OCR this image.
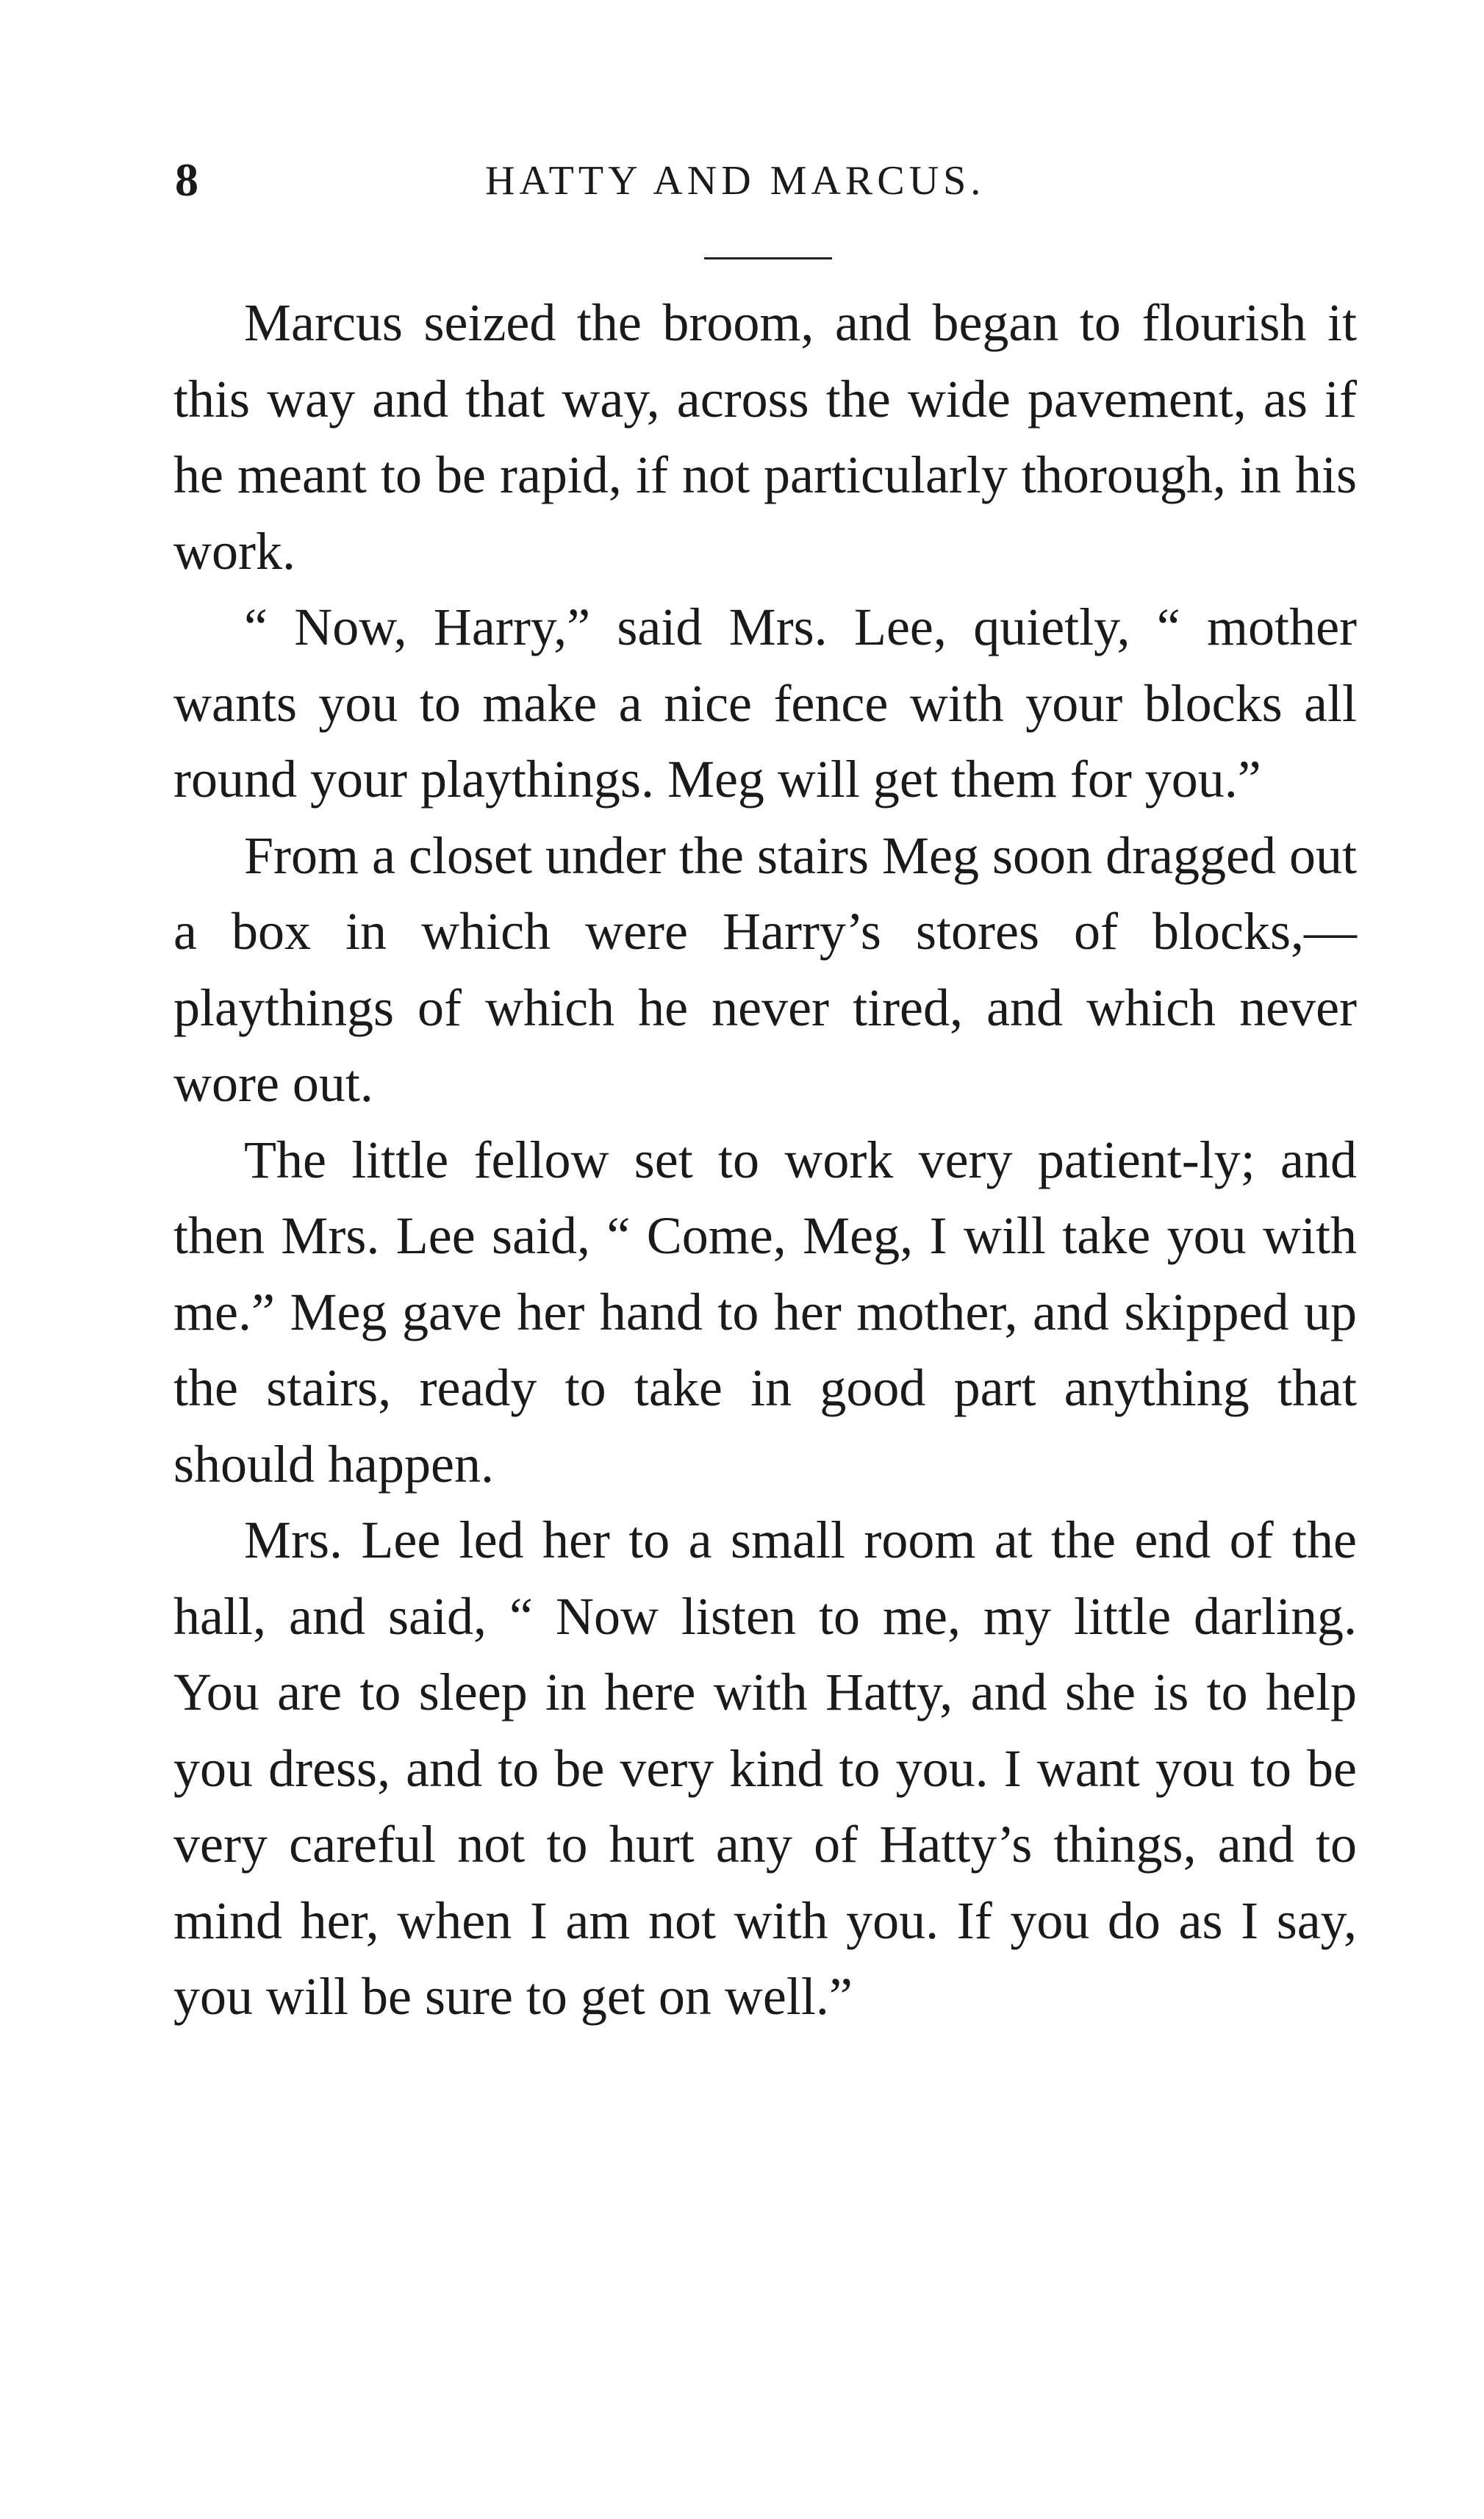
8	HATTY AND MARCUS.

Marcus seized the broom, and began to flourish it this way and that way, across the wide pavement, as if he meant to be rapid, if not particularly thorough, in his work.

“ Now, Harry,” said Mrs. Lee, quietly, “ mother wants you to make a nice fence with your blocks all round your playthings. Meg will get them for you.”

From a closet under the stairs Meg soon dragged out a box in which were Harry’s stores of blocks,—playthings of which he never tired, and which never wore out.

The little fellow set to work very patient-ly; and then Mrs. Lee said, “ Come, Meg, I will take you with me.” Meg gave her hand to her mother, and skipped up the stairs, ready to take in good part anything that should happen.

Mrs. Lee led her to a small room at the end of the hall, and said, “ Now listen to me, my little darling. You are to sleep in here with Hatty, and she is to help you dress, and to be very kind to you. I want you to be very careful not to hurt any of Hatty’s things, and to mind her, when I am not with you. If you do as I say, you will be sure to get on well.”
